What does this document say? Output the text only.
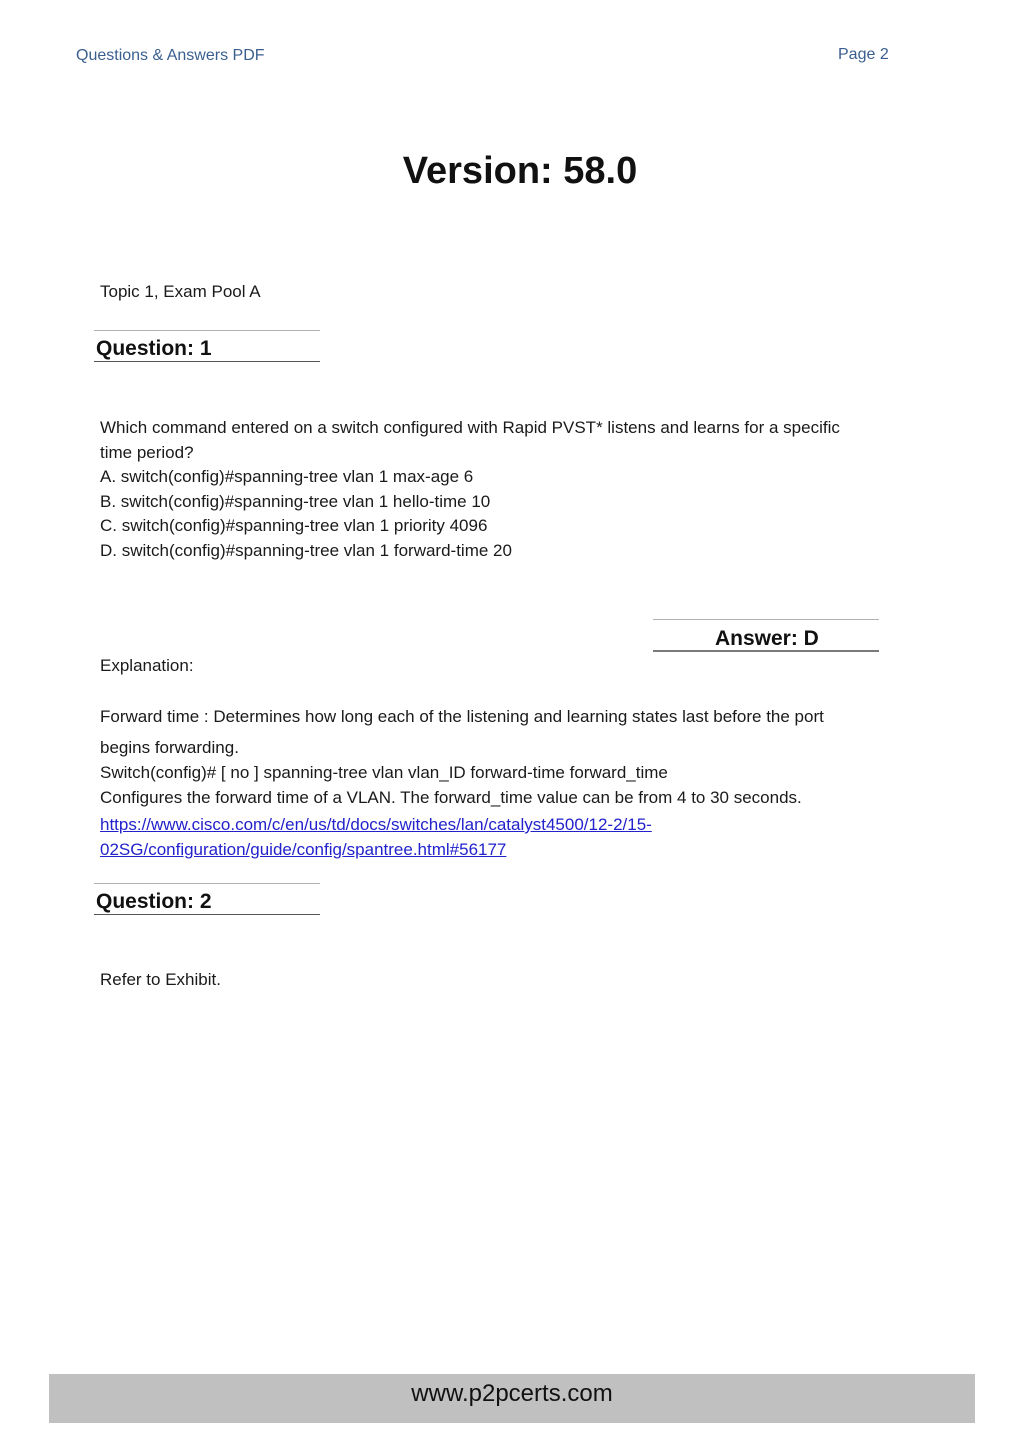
Questions & Answers PDF	Page 2
Version: 58.0
Topic 1, Exam Pool A
Question: 1
Which command entered on a switch configured with Rapid PVST* listens and learns for a specific
time period?
A. switch(config)#spanning-tree vlan 1 max-age 6
B. switch(config)#spanning-tree vlan 1 hello-time 10
C. switch(config)#spanning-tree vlan 1 priority 4096
D. switch(config)#spanning-tree vlan 1 forward-time 20
Answer: D
Explanation:
Forward time : Determines how long each of the listening and learning states last before the port
begins forwarding.
Switch(config)# [ no ] spanning-tree vlan vlan_ID forward-time forward_time
Configures the forward time of a VLAN. The forward_time value can be from 4 to 30 seconds.
https://www.cisco.com/c/en/us/td/docs/switches/lan/catalyst4500/12-2/15-
02SG/configuration/guide/config/spantree.html#56177
Question: 2
Refer to Exhibit.
www.p2pcerts.com
